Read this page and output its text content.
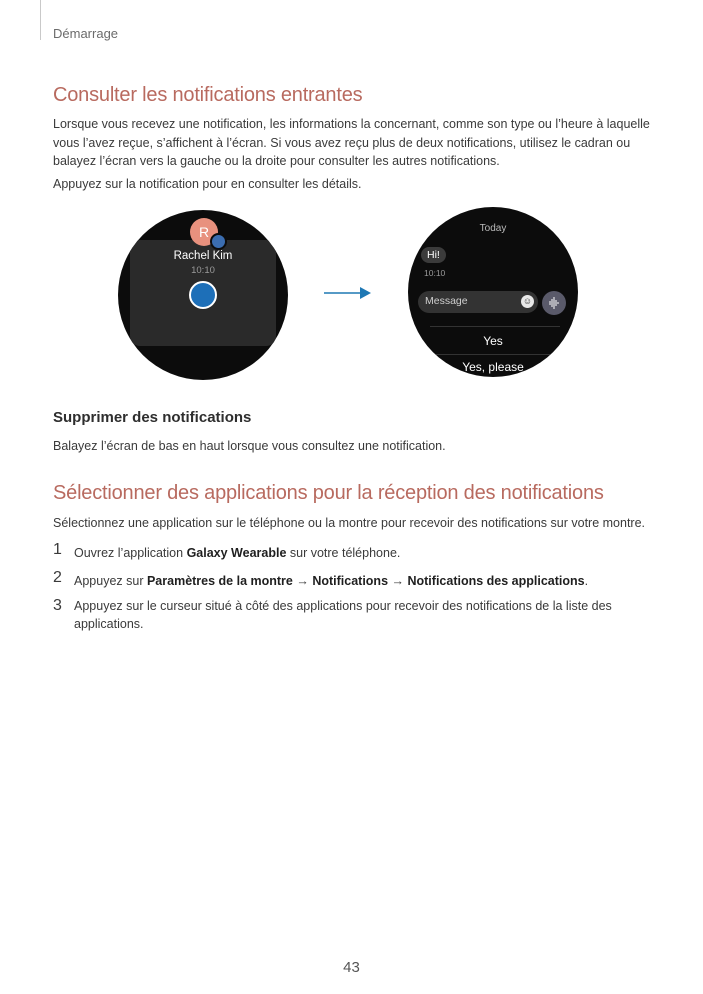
Démarrage
Consulter les notifications entrantes

Lorsque vous recevez une notification, les informations la concernant, comme son type ou l’heure à laquelle vous l’avez reçue, s’affichent à l’écran. Si vous avez reçu plus de deux notifications, utilisez le cadran ou balayez l’écran vers la gauche ou la droite pour consulter les autres notifications.

Appuyez sur la notification pour en consulter les détails.

R
Rachel Kim
10:10
Today
Hi!
10:10
Message	☺
Yes
Yes, please
Supprimer des notifications

Balayez l’écran de bas en haut lorsque vous consultez une notification.

Sélectionner des applications pour la réception des notifications

Sélectionnez une application sur le téléphone ou la montre pour recevoir des notifications sur votre montre.

1 Ouvrez l’application Galaxy Wearable sur votre téléphone.
2 Appuyez sur Paramètres de la montre → Notifications → Notifications des applications.
3 Appuyez sur le curseur situé à côté des applications pour recevoir des notifications de la liste des applications.
43
